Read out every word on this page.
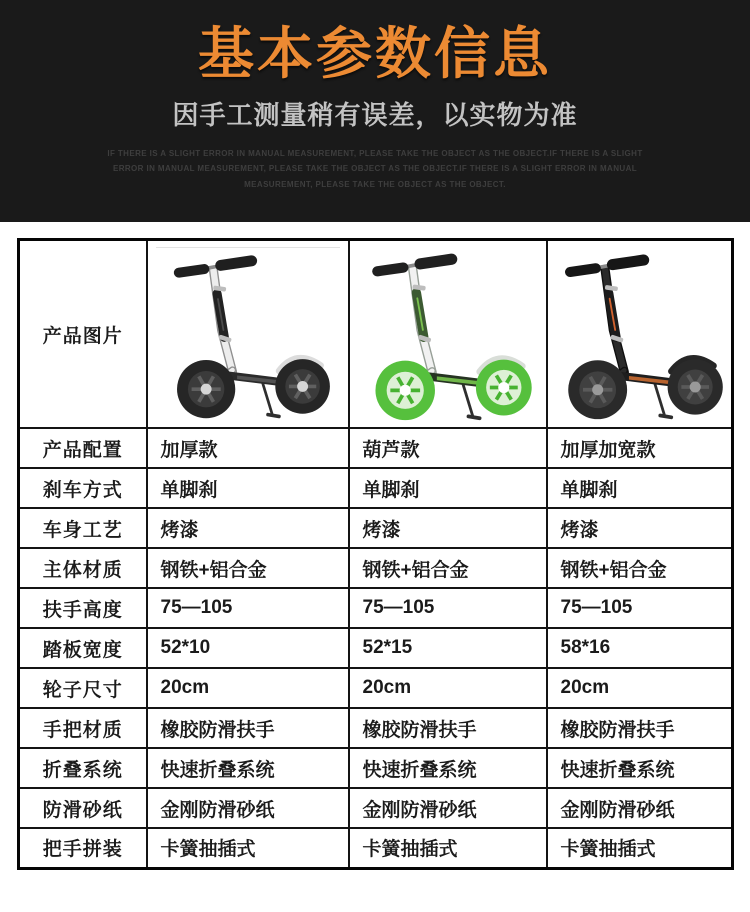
基本参数信息

因手工测量稍有误差，以实物为准

IF THERE IS A SLIGHT ERROR IN MANUAL MEASUREMENT, PLEASE TAKE THE OBJECT AS THE OBJECT.IF THERE IS A SLIGHT ERROR IN MANUAL MEASUREMENT, PLEASE TAKE THE OBJECT AS THE OBJECT.IF THERE IS A SLIGHT ERROR IN MANUAL MEASUREMENT, PLEASE TAKE THE OBJECT AS THE OBJECT.

产品图片	

产品配置	加厚款	葫芦款	加厚加宽款
刹车方式	单脚刹	单脚刹	单脚刹
车身工艺	烤漆	烤漆	烤漆
主体材质	钢铁+铝合金	钢铁+铝合金	钢铁+铝合金
扶手高度	75—105	75—105	75—105
踏板宽度	52*10	52*15	58*16
轮子尺寸	20cm	20cm	20cm
手把材质	橡胶防滑扶手	橡胶防滑扶手	橡胶防滑扶手
折叠系统	快速折叠系统	快速折叠系统	快速折叠系统
防滑砂纸	金刚防滑砂纸	金刚防滑砂纸	金刚防滑砂纸
把手拼装	卡簧抽插式	卡簧抽插式	卡簧抽插式
